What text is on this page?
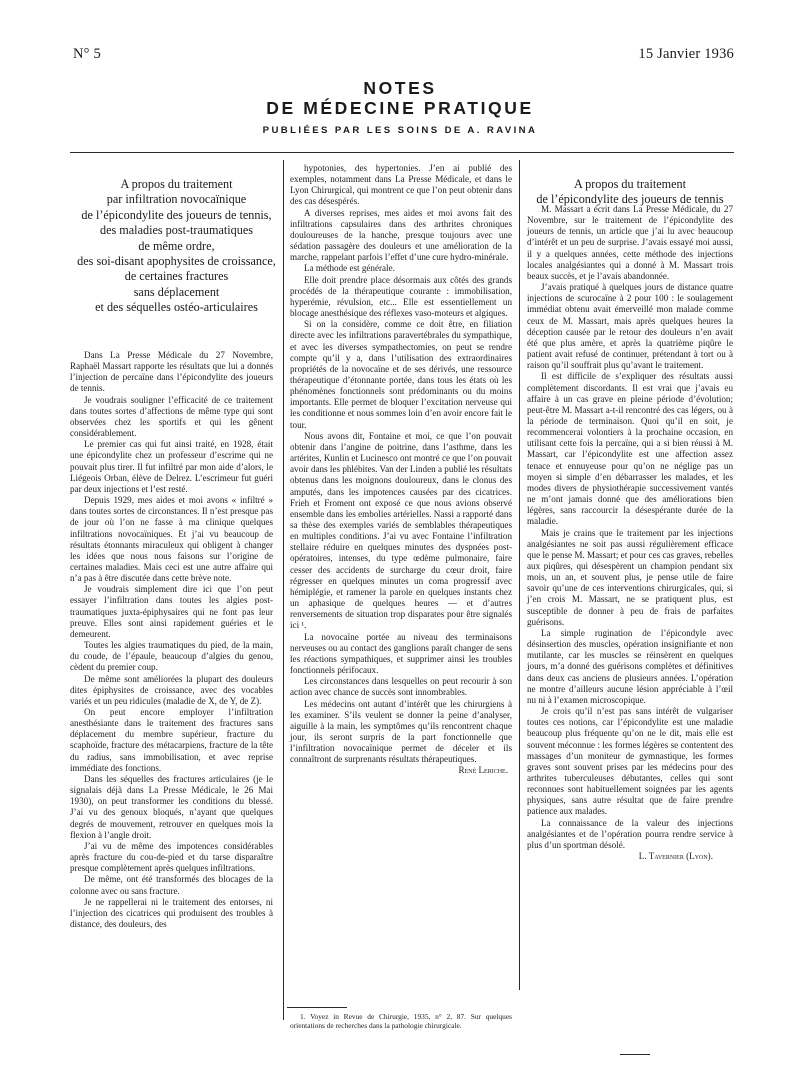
N° 5	15 Janvier 1936
NOTES
DE MÉDECINE PRATIQUE
PUBLIÉES PAR LES SOINS DE A. RAVINA
A propos du traitement
par infiltration novocaïnique
de l’épicondylite des joueurs de tennis,
des maladies post-traumatiques
de même ordre,
des soi-disant apophysites de croissance,
de certaines fractures
sans déplacement
et des séquelles ostéo-articulaires

Dans La Presse Médicale du 27 Novembre, Raphaël Massart rapporte les résultats que lui a donnés l’injection de percaïne dans l’épicondylite des joueurs de tennis.

Je voudrais souligner l’efficacité de ce traitement dans toutes sortes d’affections de même type qui sont observées chez les sportifs et qui les gênent considérablement.

Le premier cas qui fut ainsi traité, en 1928, était une épicondylite chez un professeur d’escrime qui ne pouvait plus tirer. Il fut infiltré par mon aide d’alors, le Liégeois Orban, élève de Delrez. L’escrimeur fut guéri par deux injections et l’est resté.

Depuis 1929, mes aides et moi avons « infiltré » dans toutes sortes de circonstances. Il n’est presque pas de jour où l’on ne fasse à ma clinique quelques infiltrations novocaïniques. Et j’ai vu beaucoup de résultats étonnants miraculeux qui obligent à changer les idées que nous nous faisons sur l’origine de certaines maladies. Mais ceci est une autre affaire qui n’a pas à être discutée dans cette brève note.

Je voudrais simplement dire ici que l’on peut essayer l’infiltration dans toutes les algies post-traumatiques juxta-épiphysaires qui ne font pas leur preuve. Elles sont ainsi rapidement guéries et le demeurent.

Toutes les algies traumatiques du pied, de la main, du coude, de l’épaule, beaucoup d’algies du genou, cèdent du premier coup.

De même sont améliorées la plupart des douleurs dites épiphysites de croissance, avec des vocables variés et un peu ridicules (maladie de X, de Y, de Z).

On peut encore employer l’infiltration anesthésiante dans le traitement des fractures sans déplacement du membre supérieur, fracture du scaphoïde, fracture des métacarpiens, fracture de la tête du radius, sans immobilisation, et avec reprise immédiate des fonctions.

Dans les séquelles des fractures articulaires (je le signalais déjà dans La Presse Médicale, le 26 Mai 1930), on peut transformer les conditions du blessé. J’ai vu des genoux bloqués, n’ayant que quelques degrés de mouvement, retrouver en quelques mois la flexion à l’angle droit.

J’ai vu de même des impotences considérables après fracture du cou-de-pied et du tarse disparaître presque complètement après quelques infiltrations.

De même, ont été transformés des blocages de la colonne avec ou sans fracture.

Je ne rappellerai ni le traitement des entorses, ni l’injection des cicatrices qui produisent des troubles à distance, des douleurs, des

hypotonies, des hypertonies. J’en ai publié des exemples, notamment dans La Presse Médicale, et dans le Lyon Chirurgical, qui montrent ce que l’on peut obtenir dans des cas désespérés.

A diverses reprises, mes aides et moi avons fait des infiltrations capsulaires dans des arthrites chroniques douloureuses de la hanche, presque toujours avec une sédation passagère des douleurs et une amélioration de la marche, rappelant parfois l’effet d’une cure hydro-minérale.

La méthode est générale.

Elle doit prendre place désormais aux côtés des grands procédés de la thérapeutique courante : immobilisation, hyperémie, révulsion, etc... Elle est essentiellement un blocage anesthésique des réflexes vaso-moteurs et algiques.

Si on la considère, comme ce doit être, en filiation directe avec les infiltrations paravertébrales du sympathique, et avec les diverses sympathectomies, on peut se rendre compte qu’il y a, dans l’utilisation des extraordinaires propriétés de la novocaïne et de ses dérivés, une ressource thérapeutique d’étonnante portée, dans tous les états où les phénomènes fonctionnels sont prédominants ou du moins importants. Elle permet de bloquer l’excitation nerveuse qui les conditionne et nous sommes loin d’en avoir encore fait le tour.

Nous avons dit, Fontaine et moi, ce que l’on pouvait obtenir dans l’angine de poitrine, dans l’asthme, dans les artérites, Kunlin et Lucinesco ont montré ce que l’on pouvait avoir dans les phlébites. Van der Linden a publié les résultats obtenus dans les moignons douloureux, dans le clonus des amputés, dans les impotences causées par des cicatrices. Frieh et Froment ont exposé ce que nous avions observé ensemble dans les embolies artérielles. Nassi a rapporté dans sa thèse des exemples variés de semblables thérapeutiques en multiples conditions. J’ai vu avec Fontaine l’infiltration stellaire réduire en quelques minutes des dyspnées post-opératoires, intenses, du type œdème pulmonaire, faire cesser des accidents de surcharge du cœur droit, faire régresser en quelques minutes un coma progressif avec hémiplégie, et ramener la parole en quelques instants chez un aphasique de quelques heures — et d’autres renversements de situation trop disparates pour être signalés ici ¹.

La novocaïne portée au niveau des terminaisons nerveuses ou au contact des ganglions paraît changer de sens les réactions sympathiques, et supprimer ainsi les troubles fonctionnels périfocaux.

Les circonstances dans lesquelles on peut recourir à son action avec chance de succès sont innombrables.

Les médecins ont autant d’intérêt que les chirurgiens à les examiner. S’ils veulent se donner la peine d’analyser, aiguille à la main, les symptômes qu’ils rencontrent chaque jour, ils seront surpris de la part fonctionnelle que l’infiltration novocaïnique permet de déceler et ils connaîtront de surprenants résultats thérapeutiques.

René Leriche.

1. Voyez in Revue de Chirurgie, 1935, n° 2, 87. Sur quelques orientations de recherches dans la pathologie chirurgicale.

A propos du traitement
de l’épicondylite des joueurs de tennis

M. Massart a écrit dans La Presse Médicale, du 27 Novembre, sur le traitement de l’épicondylite des joueurs de tennis, un article que j’ai lu avec beaucoup d’intérêt et un peu de surprise. J’avais essayé moi aussi, il y a quelques années, cette méthode des injections locales analgésiantes qui a donné à M. Massart trois beaux succès, et je l’avais abandonnée.

J’avais pratiqué à quelques jours de distance quatre injections de scurocaïne à 2 pour 100 : le soulagement immédiat obtenu avait émerveillé mon malade comme ceux de M. Massart, mais après quelques heures la déception causée par le retour des douleurs n’en avait été que plus amère, et après la quatrième piqûre le patient avait refusé de continuer, prétendant à tort ou à raison qu’il souffrait plus qu’avant le traitement.

Il est difficile de s’expliquer des résultats aussi complètement discordants. Il est vrai que j’avais eu affaire à un cas grave en pleine période d’évolution; peut-être M. Massart a-t-il rencontré des cas légers, ou à la période de terminaison. Quoi qu’il en soit, je recommencerai volontiers à la prochaine occasion, en utilisant cette fois la percaïne, qui a si bien réussi à M. Massart, car l’épicondylite est une affection assez tenace et ennuyeuse pour qu’on ne néglige pas un moyen si simple d’en débarrasser les malades, et les modes divers de physiothérapie successivement vantés ne m’ont jamais donné que des améliorations bien légères, sans raccourcir la désespérante durée de la maladie.

Mais je crains que le traitement par les injections analgésiantes ne soit pas aussi régulièrement efficace que le pense M. Massart; et pour ces cas graves, rebelles aux piqûres, qui désespèrent un champion pendant six mois, un an, et souvent plus, je pense utile de faire savoir qu’une de ces interventions chirurgicales, qui, si j’en crois M. Massart, ne se pratiquent plus, est susceptible de donner à peu de frais de parfaites guérisons.

La simple rugination de l’épicondyle avec désinsertion des muscles, opération insignifiante et non mutilante, car les muscles se réinsèrent en quelques jours, m’a donné des guérisons complètes et définitives dans deux cas anciens de plusieurs années. L’opération ne montre d’ailleurs aucune lésion appréciable à l’œil nu ni à l’examen microscopique.

Je crois qu’il n’est pas sans intérêt de vulgariser toutes ces notions, car l’épicondylite est une maladie beaucoup plus fréquente qu’on ne le dit, mais elle est souvent méconnue : les formes légères se contentent des massages d’un moniteur de gymnastique, les formes graves sont souvent prises par les médecins pour des arthrites tuberculeuses débutantes, celles qui sont reconnues sont habituellement soignées par les agents physiques, sans autre résultat que de faire prendre patience aux malades.

La connaissance de la valeur des injections analgésiantes et de l’opération pourra rendre service à plus d’un sportman désolé.

L. Tavernier (Lyon).
